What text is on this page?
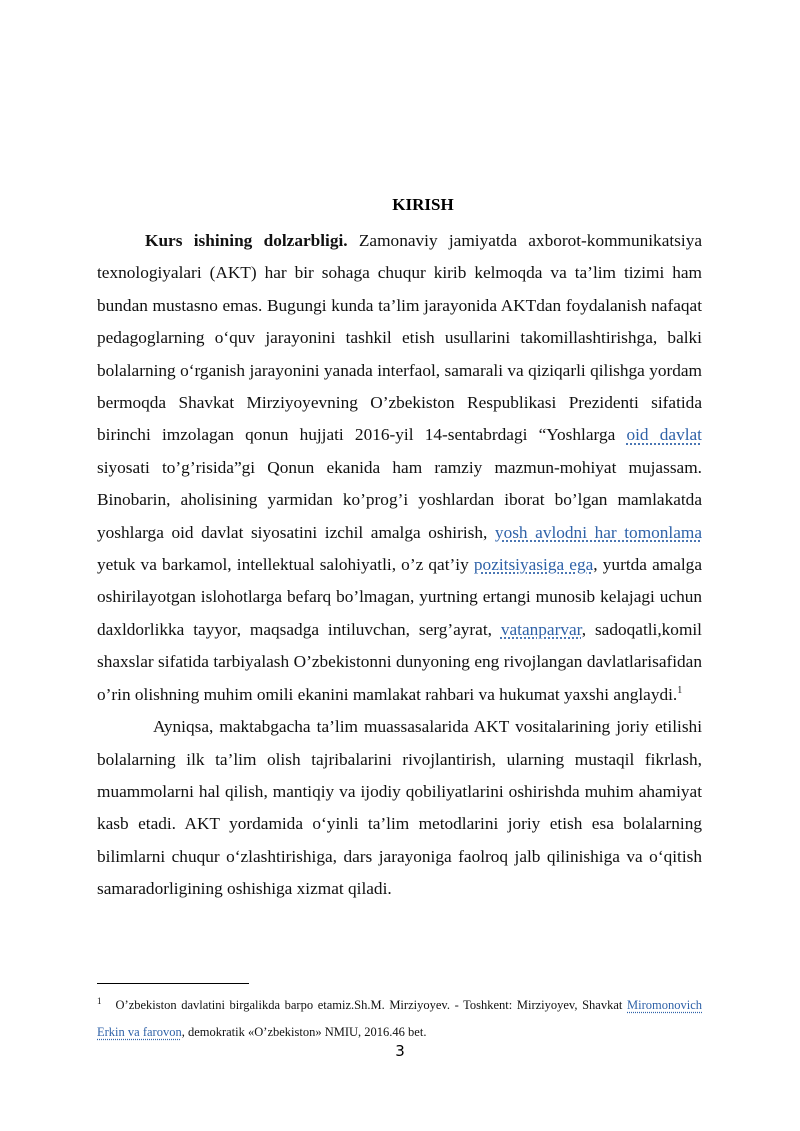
KIRISH

Kurs ishining dolzarbligi. Zamonaviy jamiyatda axborot-kommunikatsiya texnologiyalari (AKT) har bir sohaga chuqur kirib kelmoqda va ta’lim tizimi ham bundan mustasno emas. Bugungi kunda ta’lim jarayonida AKTdan foydalanish nafaqat pedagoglarning o‘quv jarayonini tashkil etish usullarini takomillashtirishga, balki bolalarning o‘rganish jarayonini yanada interfaol, samarali va qiziqarli qilishga yordam bermoqda Shavkat Mirziyoyevning O’zbekiston Respublikasi Prezidenti sifatida birinchi imzolagan qonun hujjati 2016-yil 14-sentabrdagi “Yoshlarga oid davlat siyosati to’g’risida”gi Qonun ekanida ham ramziy mazmun-mohiyat mujassam. Binobarin, aholisining yarmidan ko’prog’i yoshlardan iborat bo’lgan mamlakatda yoshlarga oid davlat siyosatini izchil amalga oshirish, yosh avlodni har tomonlama yetuk va barkamol, intellektual salohiyatli, o’z qat’iy pozitsiyasiga ega, yurtda amalga oshirilayotgan islohotlarga befarq bo’lmagan, yurtning ertangi munosib kelajagi uchun daxldorlikka tayyor, maqsadga intiluvchan, serg’ayrat, vatanparvar, sadoqatli,komil shaxslar sifatida tarbiyalash O’zbekistonni dunyoning eng rivojlangan davlatlarisafidan o’rin olishning muhim omili ekanini mamlakat rahbari va hukumat yaxshi anglaydi.$^1$

Ayniqsa, maktabgacha ta’lim muassasalarida AKT vositalarining joriy etilishi bolalarning ilk ta’lim olish tajribalarini rivojlantirish, ularning mustaqil fikrlash, muammolarni hal qilish, mantiqiy va ijodiy qobiliyatlarini oshirishda muhim ahamiyat kasb etadi. AKT yordamida o‘yinli ta’lim metodlarini joriy etish esa bolalarning bilimlarni chuqur o‘zlashtirishiga, dars jarayoniga faolroq jalb qilinishiga va o‘qitish samaradorligining oshishiga xizmat qiladi.

$^1$ O’zbekiston davlatini birgalikda barpo etamiz.Sh.M. Mirziyoyev. - Toshkent: Mirziyoyev, Shavkat Miromonovich Erkin va farovon, demokratik «O’zbekiston» NMIU, 2016.46 bet.

3
